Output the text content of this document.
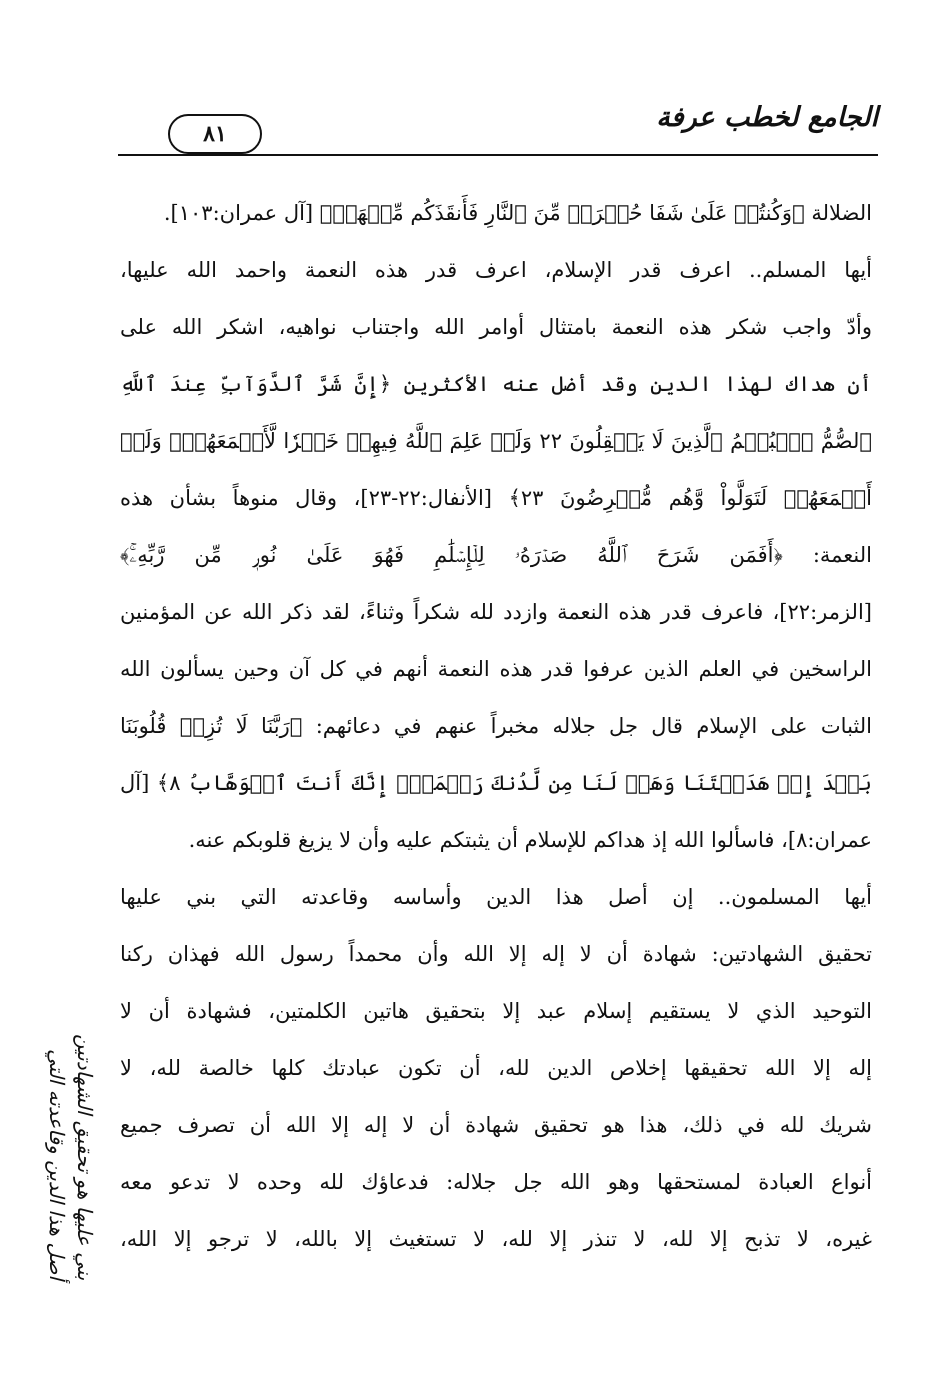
٨١
الجامع لخطب عرفة
الضلالة ﴿وَكُنتُمۡ عَلَىٰ شَفَا حُفۡرَةٖ مِّنَ ٱلنَّارِ فَأَنقَذَكُم مِّنۡهَاۗ﴾ [آل عمران:١٠٣].
أيها المسلم.. اعرف قدر الإسلام، اعرف قدر هذه النعمة واحمد الله عليها،
وأدّ واجب شكر هذه النعمة بامتثال أوامر الله واجتناب نواهيه، اشكر الله على
أن هداك لهذا الدين وقد أضل عنه الأكثرين ﴿إِنَّ شَرَّ ٱلدَّوَآبِّ عِندَ ٱللَّهِ
ٱلصُّمُّ ٱلۡبُكۡمُ ٱلَّذِينَ لَا يَعۡقِلُونَ ٢٢ وَلَوۡ عَلِمَ ٱللَّهُ فِيهِمۡ خَيۡرٗا لَّأَسۡمَعَهُمۡۖ وَلَوۡ
أَسۡمَعَهُمۡ لَتَوَلَّواْ وَّهُم مُّعۡرِضُونَ ٢٣﴾ [الأنفال:٢٢-٢٣]، وقال منوهاً بشأن هذه
النعمة: ﴿أَفَمَن شَرَحَ ٱللَّهُ صَدۡرَهُۥ لِلۡإِسۡلَٰمِ فَهُوَ عَلَىٰ نُورٖ مِّن رَّبِّهِۦۚ﴾
[الزمر:٢٢]، فاعرف قدر هذه النعمة وازدد لله شكراً وثناءً، لقد ذكر الله عن المؤمنين
الراسخين في العلم الذين عرفوا قدر هذه النعمة أنهم في كل آن وحين يسألون الله
الثبات على الإسلام قال جل جلاله مخبراً عنهم في دعائهم: ﴿رَبَّنَا لَا تُزِغۡ قُلُوبَنَا
بَعۡدَ إِذۡ هَدَيۡتَنَا وَهَبۡ لَنَا مِن لَّدُنكَ رَحۡمَةًۚ إِنَّكَ أَنتَ ٱلۡوَهَّابُ ٨﴾ [آل
عمران:٨]، فاسألوا الله إذ هداكم للإسلام أن يثبتكم عليه وأن لا يزيغ قلوبكم عنه.
أيها المسلمون.. إن أصل هذا الدين وأساسه وقاعدته التي بني عليها
تحقيق الشهادتين: شهادة أن لا إله إلا الله وأن محمداً رسول الله فهذان ركنا
التوحيد الذي لا يستقيم إسلام عبد إلا بتحقيق هاتين الكلمتين، فشهادة أن لا
إله إلا الله تحقيقها إخلاص الدين لله، أن تكون عبادتك كلها خالصة لله، لا
شريك لله في ذلك، هذا هو تحقيق شهادة أن لا إله إلا الله أن تصرف جميع
أنواع العبادة لمستحقها وهو الله جل جلاله: فدعاؤك لله وحده لا تدعو معه
غيره، لا تذبح إلا لله، لا تنذر إلا لله، لا تستغيث إلا بالله، لا ترجو إلا الله،
أصل هذا الدين وقاعدته التي بني عليها هو تحقيق الشهادتين
